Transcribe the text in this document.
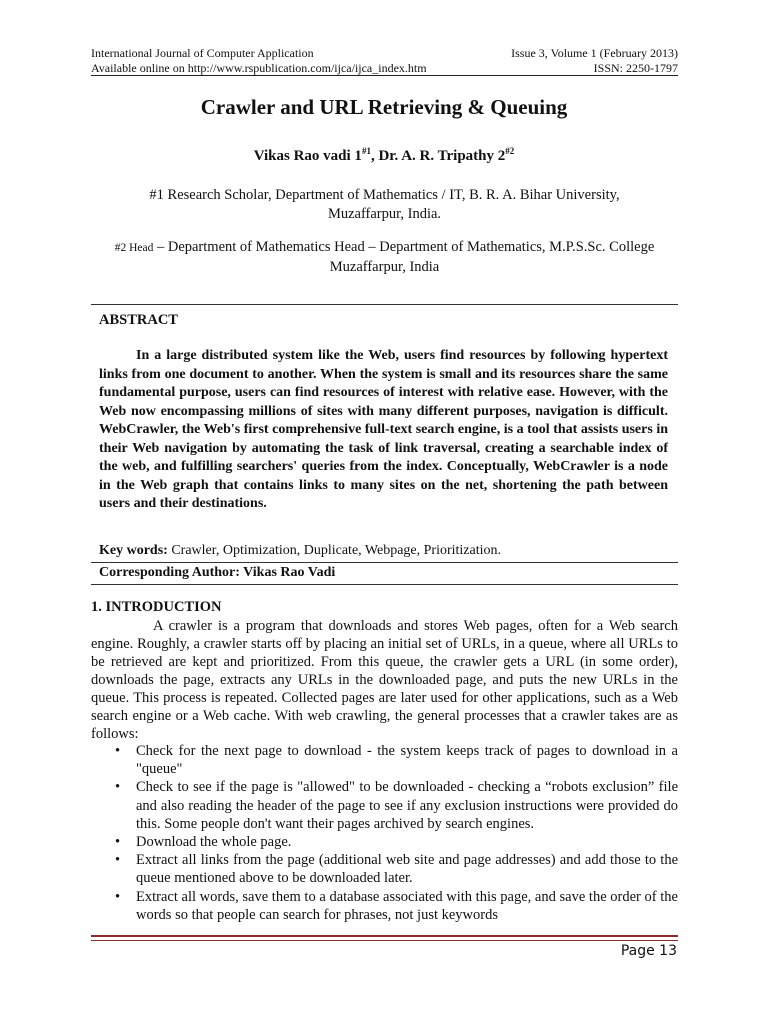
International Journal of Computer Application	Issue 3, Volume 1 (February 2013)
Available online on http://www.rspublication.com/ijca/ijca_index.htm	ISSN: 2250-1797
Crawler and URL Retrieving & Queuing
Vikas Rao vadi 1$^{\#1}$, Dr. A. R. Tripathy 2$^{\#2}$
#1 Research Scholar, Department of Mathematics / IT, B. R. A. Bihar University,
Muzaffarpur, India.
#2 Head – Department of Mathematics Head – Department of Mathematics, M.P.S.Sc. College
Muzaffarpur, India
ABSTRACT
In a large distributed system like the Web, users find resources by following hypertext links from one document to another. When the system is small and its resources share the same fundamental purpose, users can find resources of interest with relative ease. However, with the Web now encompassing millions of sites with many different purposes, navigation is difficult. WebCrawler, the Web's first comprehensive full-text search engine, is a tool that assists users in their Web navigation by automating the task of link traversal, creating a searchable index of the web, and fulfilling searchers' queries from the index. Conceptually, WebCrawler is a node in the Web graph that contains links to many sites on the net, shortening the path between users and their destinations.
Key words: Crawler, Optimization, Duplicate, Webpage, Prioritization.
Corresponding Author: Vikas Rao Vadi
1. INTRODUCTION
A crawler is a program that downloads and stores Web pages, often for a Web search engine. Roughly, a crawler starts off by placing an initial set of URLs, in a queue, where all URLs to be retrieved are kept and prioritized. From this queue, the crawler gets a URL (in some order), downloads the page, extracts any URLs in the downloaded page, and puts the new URLs in the queue. This process is repeated. Collected pages are later used for other applications, such as a Web search engine or a Web cache. With web crawling, the general processes that a crawler takes are as follows:
• Check for the next page to download - the system keeps track of pages to download in a "queue"
• Check to see if the page is "allowed" to be downloaded - checking a “robots exclusion” file and also reading the header of the page to see if any exclusion instructions were provided do this. Some people don't want their pages archived by search engines.
• Download the whole page.
• Extract all links from the page (additional web site and page addresses) and add those to the queue mentioned above to be downloaded later.
• Extract all words, save them to a database associated with this page, and save the order of the words so that people can search for phrases, not just keywords
Page 13
